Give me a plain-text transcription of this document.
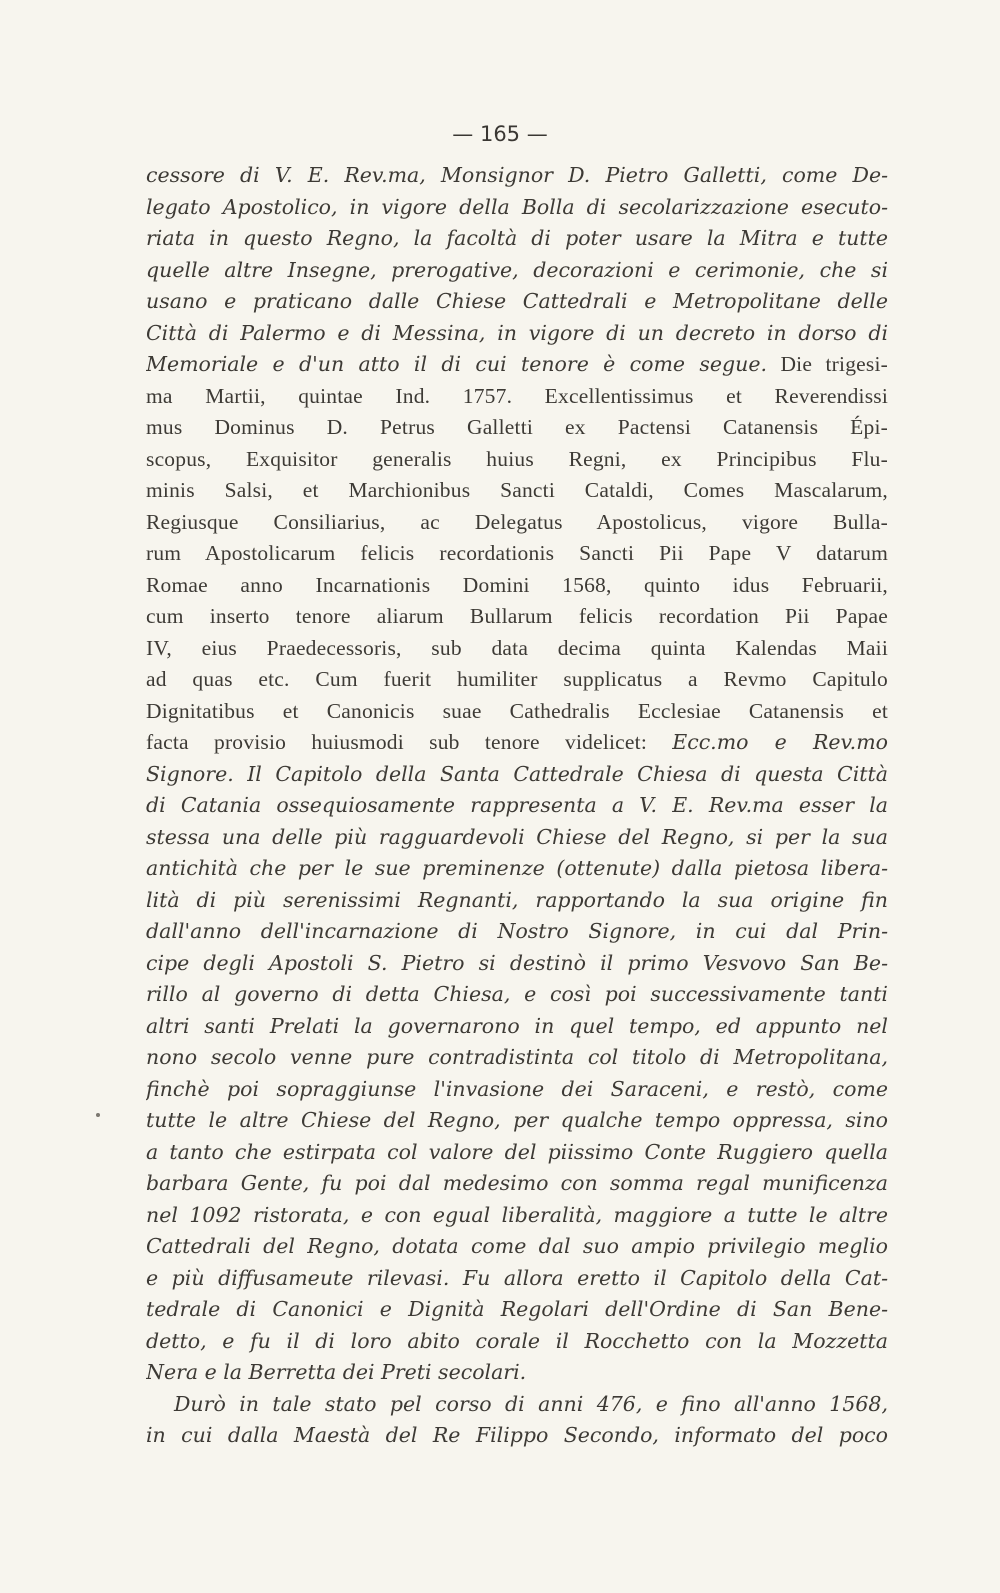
— 165 —
cessore di V. E. Rev.ma, Monsignor D. Pietro Galletti, come De-
legato Apostolico, in vigore della Bolla di secolarizzazione esecuto-
riata in questo Regno, la facoltà di poter usare la Mitra e tutte
quelle altre Insegne, prerogative, decorazioni e cerimonie, che si
usano e praticano dalle Chiese Cattedrali e Metropolitane delle
Città di Palermo e di Messina, in vigore di un decreto in dorso di
Memoriale e d'un atto il di cui tenore è come segue. Die trigesi-
ma Martii, quintae Ind. 1757. Excellentissimus et Reverendissi
mus Dominus D. Petrus Galletti ex Pactensi Catanensis Épi-
scopus, Exquisitor generalis huius Regni, ex Principibus Flu-
minis Salsi, et Marchionibus Sancti Cataldi, Comes Mascalarum,
Regiusque Consiliarius, ac Delegatus Apostolicus, vigore Bulla-
rum Apostolicarum felicis recordationis Sancti Pii Pape V datarum
Romae anno Incarnationis Domini 1568, quinto idus Februarii,
cum inserto tenore aliarum Bullarum felicis recordation Pii Papae
IV, eius Praedecessoris, sub data decima quinta Kalendas Maii
ad quas etc. Cum fuerit humiliter supplicatus a Revmo Capitulo
Dignitatibus et Canonicis suae Cathedralis Ecclesiae Catanensis et
facta provisio huiusmodi sub tenore videlicet: Ecc.mo e Rev.mo
Signore. Il Capitolo della Santa Cattedrale Chiesa di questa Città
di Catania ossequiosamente rappresenta a V. E. Rev.ma esser la
stessa una delle più ragguardevoli Chiese del Regno, si per la sua
antichità che per le sue preminenze (ottenute) dalla pietosa libera-
lità di più serenissimi Regnanti, rapportando la sua origine fin
dall'anno dell'incarnazione di Nostro Signore, in cui dal Prin-
cipe degli Apostoli S. Pietro si destinò il primo Vesvovo San Be-
rillo al governo di detta Chiesa, e così poi successivamente tanti
altri santi Prelati la governarono in quel tempo, ed appunto nel
nono secolo venne pure contradistinta col titolo di Metropolitana,
finchè poi sopraggiunse l'invasione dei Saraceni, e restò, come
tutte le altre Chiese del Regno, per qualche tempo oppressa, sino
a tanto che estirpata col valore del piissimo Conte Ruggiero quella
barbara Gente, fu poi dal medesimo con somma regal munificenza
nel 1092 ristorata, e con egual liberalità, maggiore a tutte le altre
Cattedrali del Regno, dotata come dal suo ampio privilegio meglio
e più diffusameute rilevasi. Fu allora eretto il Capitolo della Cat-
tedrale di Canonici e Dignità Regolari dell'Ordine di San Bene-
detto, e fu il di loro abito corale il Rocchetto con la Mozzetta
Nera e la Berretta dei Preti secolari.
Durò in tale stato pel corso di anni 476, e fino all'anno 1568,
in cui dalla Maestà del Re Filippo Secondo, informato del poco
